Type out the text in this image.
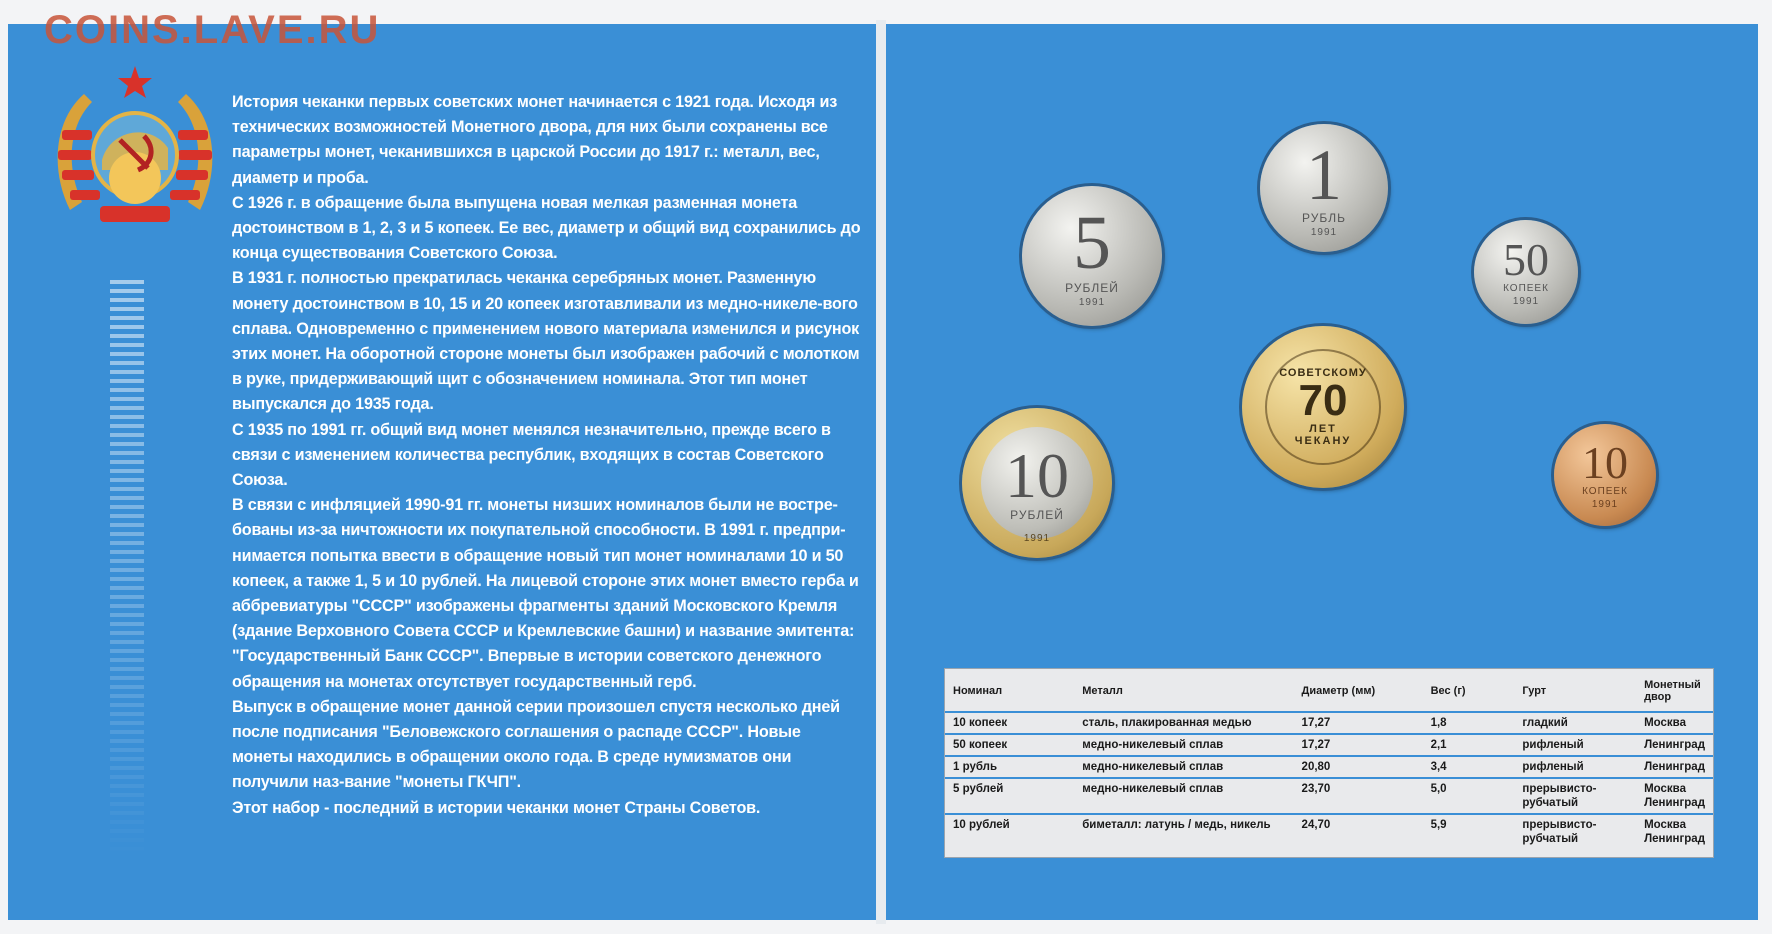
COINS.LAVE.RU

История чеканки первых советских монет начинается с 1921 года. Исходя из технических возможностей Монетного двора, для них были сохранены все параметры монет, чеканившихся в царской России до 1917 г.: металл, вес, диаметр и проба.

С 1926 г. в обращение была выпущена новая мелкая разменная монета достоинством в 1, 2, 3 и 5 копеек. Ее вес, диаметр и общий вид сохранились до конца существования Советского Союза.

В 1931 г. полностью прекратилась чеканка серебряных монет. Разменную монету достоинством в 10, 15 и 20 копеек изготавливали из медно-никеле-вого сплава. Одновременно с применением нового материала изменился и рисунок этих монет. На оборотной стороне монеты был изображен рабочий с молотком в руке, придерживающий щит с обозначением номинала. Этот тип монет выпускался до 1935 года.

С 1935 по 1991 гг. общий вид монет менялся незначительно, прежде всего в связи с изменением количества республик, входящих в состав Советского Союза.

В связи с инфляцией 1990-91 гг. монеты низших номиналов были не востре-бованы из-за ничтожности их покупательной способности. В 1991 г. предпри-нимается попытка ввести в обращение новый тип монет номиналами 10 и 50 копеек, а также 1, 5 и 10 рублей. На лицевой стороне этих монет вместо герба и аббревиатуры "СССР" изображены фрагменты зданий Московского Кремля (здание Верховного Совета СССР и Кремлевские башни) и название эмитента: "Государственный Банк СССР". Впервые в истории советского денежного обращения на монетах отсутствует государственный герб.

Выпуск в обращение монет данной серии произошел спустя несколько дней после подписания "Беловежского соглашения о распаде СССР". Новые монеты находились в обращении около года. В среде нумизматов они получили наз-вание "монеты ГКЧП".

Этот набор - последний в истории чеканки монет Страны Советов.

1
РУБЛЬ
1991
5
РУБЛЕЙ
1991
50
КОПЕЕК
1991
СОВЕТСКОМУ
70
ЛЕТ
ЧЕКАНУ
10
РУБЛЕЙ
1991
10
КОПЕЕК
1991
Номинал	Металл	Диаметр (мм)	Вес (г)	Гурт	Монетный двор
10 копеек	сталь, плакированная медью	17,27	1,8	гладкий	Москва
50 копеек	медно-никелевый сплав	17,27	2,1	рифленый	Ленинград
1 рубль	медно-никелевый сплав	20,80	3,4	рифленый	Ленинград
5 рублей	медно-никелевый сплав	23,70	5,0	прерывисто-рубчатый	Москва Ленинград
10 рублей	биметалл: латунь / медь, никель	24,70	5,9	прерывисто-рубчатый	Москва Ленинград
